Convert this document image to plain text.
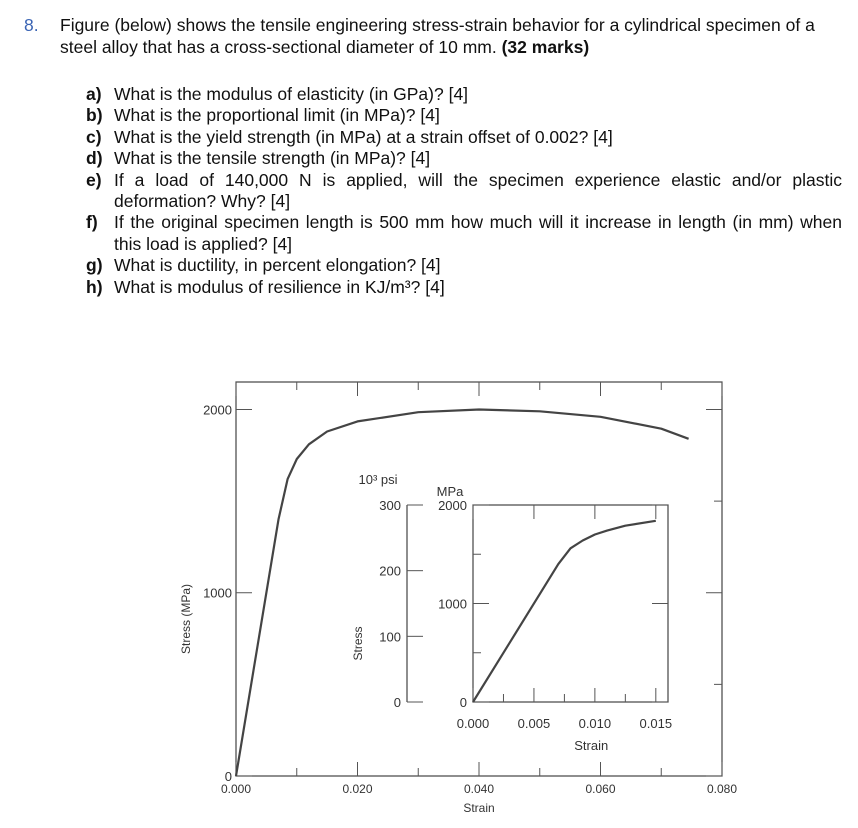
8. Figure (below) shows the tensile engineering stress-strain behavior for a cylindrical specimen of a steel alloy that has a cross-sectional diameter of 10 mm. (32 marks)
a) What is the modulus of elasticity (in GPa)? [4]
b) What is the proportional limit (in MPa)? [4]
c) What is the yield strength (in MPa) at a strain offset of 0.002? [4]
d) What is the tensile strength (in MPa)? [4]
e) If a load of 140,000 N is applied, will the specimen experience elastic and/or plastic deformation? Why? [4]
f) If the original specimen length is 500 mm how much will it increase in length (in mm) when this load is applied? [4]
g) What is ductility, in percent elongation? [4]
h) What is modulus of resilience in KJ/m³? [4]
0.000	0.020	0.040	0.060	0.080
0
1000
2000
Strain
Stress (MPa)
0
100
200
300
10³ psi
MPa
Stress
0
1000
2000
0.000 0.005 0.010 0.015
Strain
